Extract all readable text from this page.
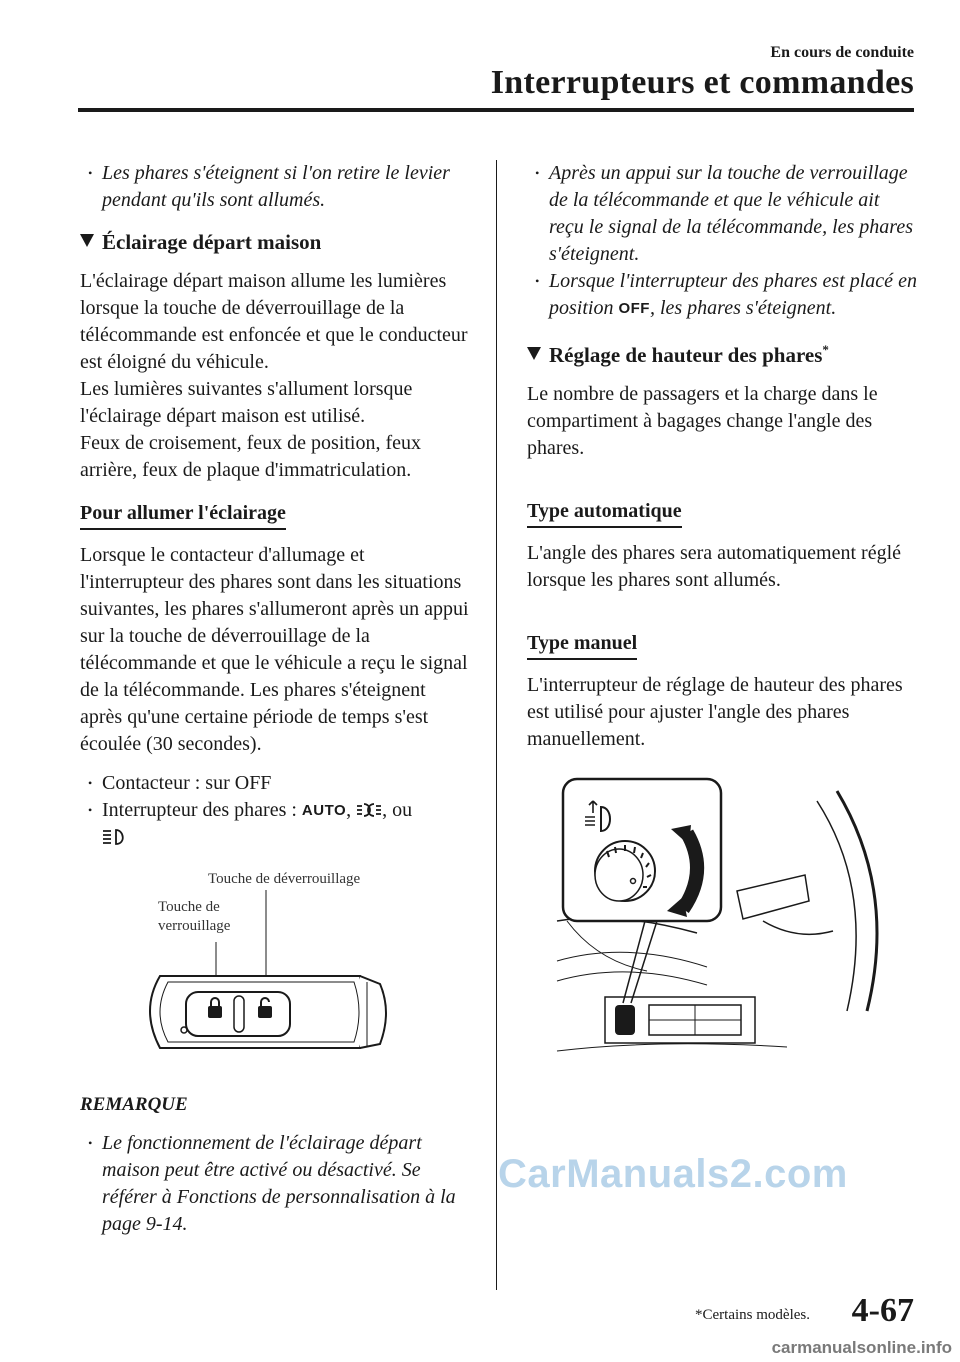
En cours de conduite
Interrupteurs et commandes
• Les phares s'éteignent si l'on retire le levier pendant qu'ils sont allumés.
Éclairage départ maison

L'éclairage départ maison allume les lumières lorsque la touche de déverrouillage de la télécommande est enfoncée et que le conducteur est éloigné du véhicule.

Les lumières suivantes s'allument lorsque l'éclairage départ maison est utilisé.

Feux de croisement, feux de position, feux arrière, feux de plaque d'immatriculation.

Pour allumer l'éclairage

Lorsque le contacteur d'allumage et l'interrupteur des phares sont dans les situations suivantes, les phares s'allumeront après un appui sur la touche de déverrouillage de la télécommande et que le véhicule a reçu le signal de la télécommande. Les phares s'éteignent après qu'une certaine période de temps s'est écoulée (30 secondes).

• Contacteur : sur OFF
• Interrupteur des phares : AUTO, , ou

Touche de déverrouillage
Touche de verrouillage
REMARQUE
• Le fonctionnement de l'éclairage départ maison peut être activé ou désactivé. Se référer à Fonctions de personnalisation à la page 9-14.
• Après un appui sur la touche de verrouillage de la télécommande et que le véhicule ait reçu le signal de la télécommande, les phares s'éteignent.
• Lorsque l'interrupteur des phares est placé en position OFF, les phares s'éteignent.
Réglage de hauteur des phares*

Le nombre de passagers et la charge dans le compartiment à bagages change l'angle des phares.

Type automatique

L'angle des phares sera automatiquement réglé lorsque les phares sont allumés.

Type manuel

L'interrupteur de réglage de hauteur des phares est utilisé pour ajuster l'angle des phares manuellement.

CarManuals2.com
*Certains modèles. 4-67
carmanualsonline.info
